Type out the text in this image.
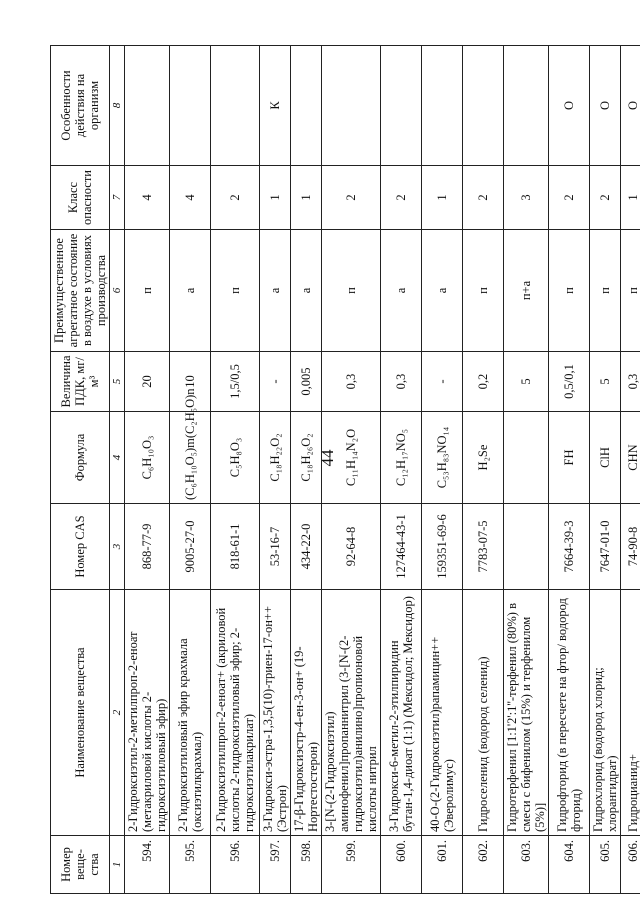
44
Номер веще-ства	Наименование вещества	Номер CAS	Формула	Величина ПДК, мг/м³	Преимущественное агрегатное состояние в воздухе в условиях производства	Класс опасности	Особенности действия на организм
1	2	3	4	5	6	7	8
594.	2-Гидроксиэтил-2-метилпроп-2-еноат (метакриловой кислоты 2-гидроксиэтиловый эфир)	868-77-9	C₆H₁₀O₃	20	п	4	
595.	2-Гидроксиэтиловый эфир крахмала (оксиэтилкрахмал)	9005-27-0	(C₆H₁₀O₅)m(C₂H₅O)n	10	а	4	
596.	2-Гидроксиэтилпроп-2-еноат+ (акриловой кислоты 2-гидроксиэтиловый эфир; 2-гидроксиэтилакрилат)	818-61-1	C₅H₈O₃	1,5/0,5	п	2	
597.	3-Гидрокси-эстра-1,3,5(10)-триен-17-он++ (Эстрон)	53-16-7	C₁₈H₂₂O₂	-	а	1	К
598.	17-β-Гидроксиэстр-4-ен-3-он+ (19-Нортестостерон)	434-22-0	C₁₈H₂₆O₂	0,005	а	1	
599.	3-[N-(2-Гидроксиэтил) аминофенил]пропаннитрил (3-[N-(2-гидроксиэтил)анилино]пропионовой кислоты нитрил	92-64-8	C₁₁H₁₄N₂O	0,3	п	2	
600.	3-Гидрокси-6-метил-2-этилпиридин бутан-1,4-диоат (1:1) (Мексидол; Мексидор)	127464-43-1	C₁₂H₁₇NO₅	0,3	а	2	
601.	40-О-(2-Гидроксиэтил)рапамицин++ (Эверолимус)	159351-69-6	C₅₃H₈₃NO₁₄	-	а	1	
602.	Гидроселенид (водород селенид)	7783-07-5	H₂Se	0,2	п	2	
603.	Гидротерфенил [1:1'2':1''-терфенил (80%) в смеси с бифенилом (15%) и терфенилом (5%)]			5	п+а	3	
604.	Гидрофторид (в пересчете на фтор/ водород фторид)	7664-39-3	FH	0,5/0,1	п	2	О
605.	Гидрохлорид (водород хлорид; хлорангидрат)	7647-01-0	ClH	5	п	2	О
606.	Гидроцианид+	74-90-8	CHN	0,3	п	1	О
